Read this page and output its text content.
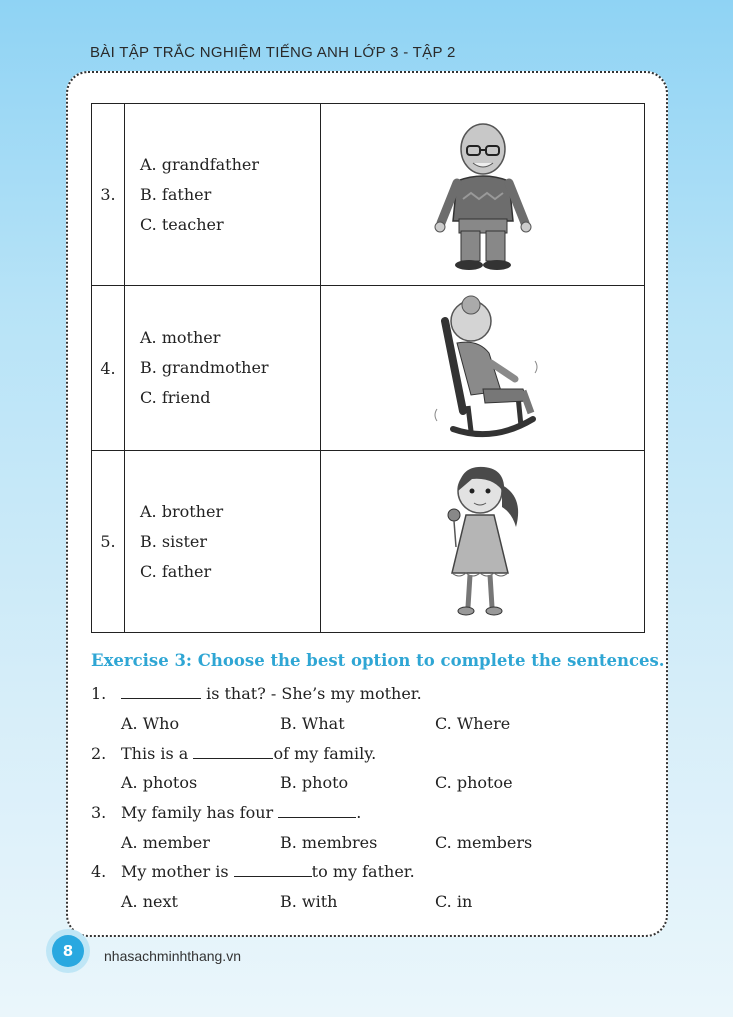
BÀI TẬP TRẮC NGHIỆM TIẾNG ANH LỚP 3 - TẬP 2
3.	A. grandfather
B. father
C. teacher

4.	A. mother
B. grandmother
C. friend

5.	A. brother
B. sister
C. father

Exercise 3: Choose the best option to complete the sentences.
1.	is that? - She’s my mother.
A. Who	B. What	C. Where
2. This is a	of my family.
A. photos	B. photo	C. photoe
3. My family has four	.
A. member	B. membres	C. members
4. My mother is	to my father.
A. next	B. with	C. in
8	nhasachminhthang.vn
